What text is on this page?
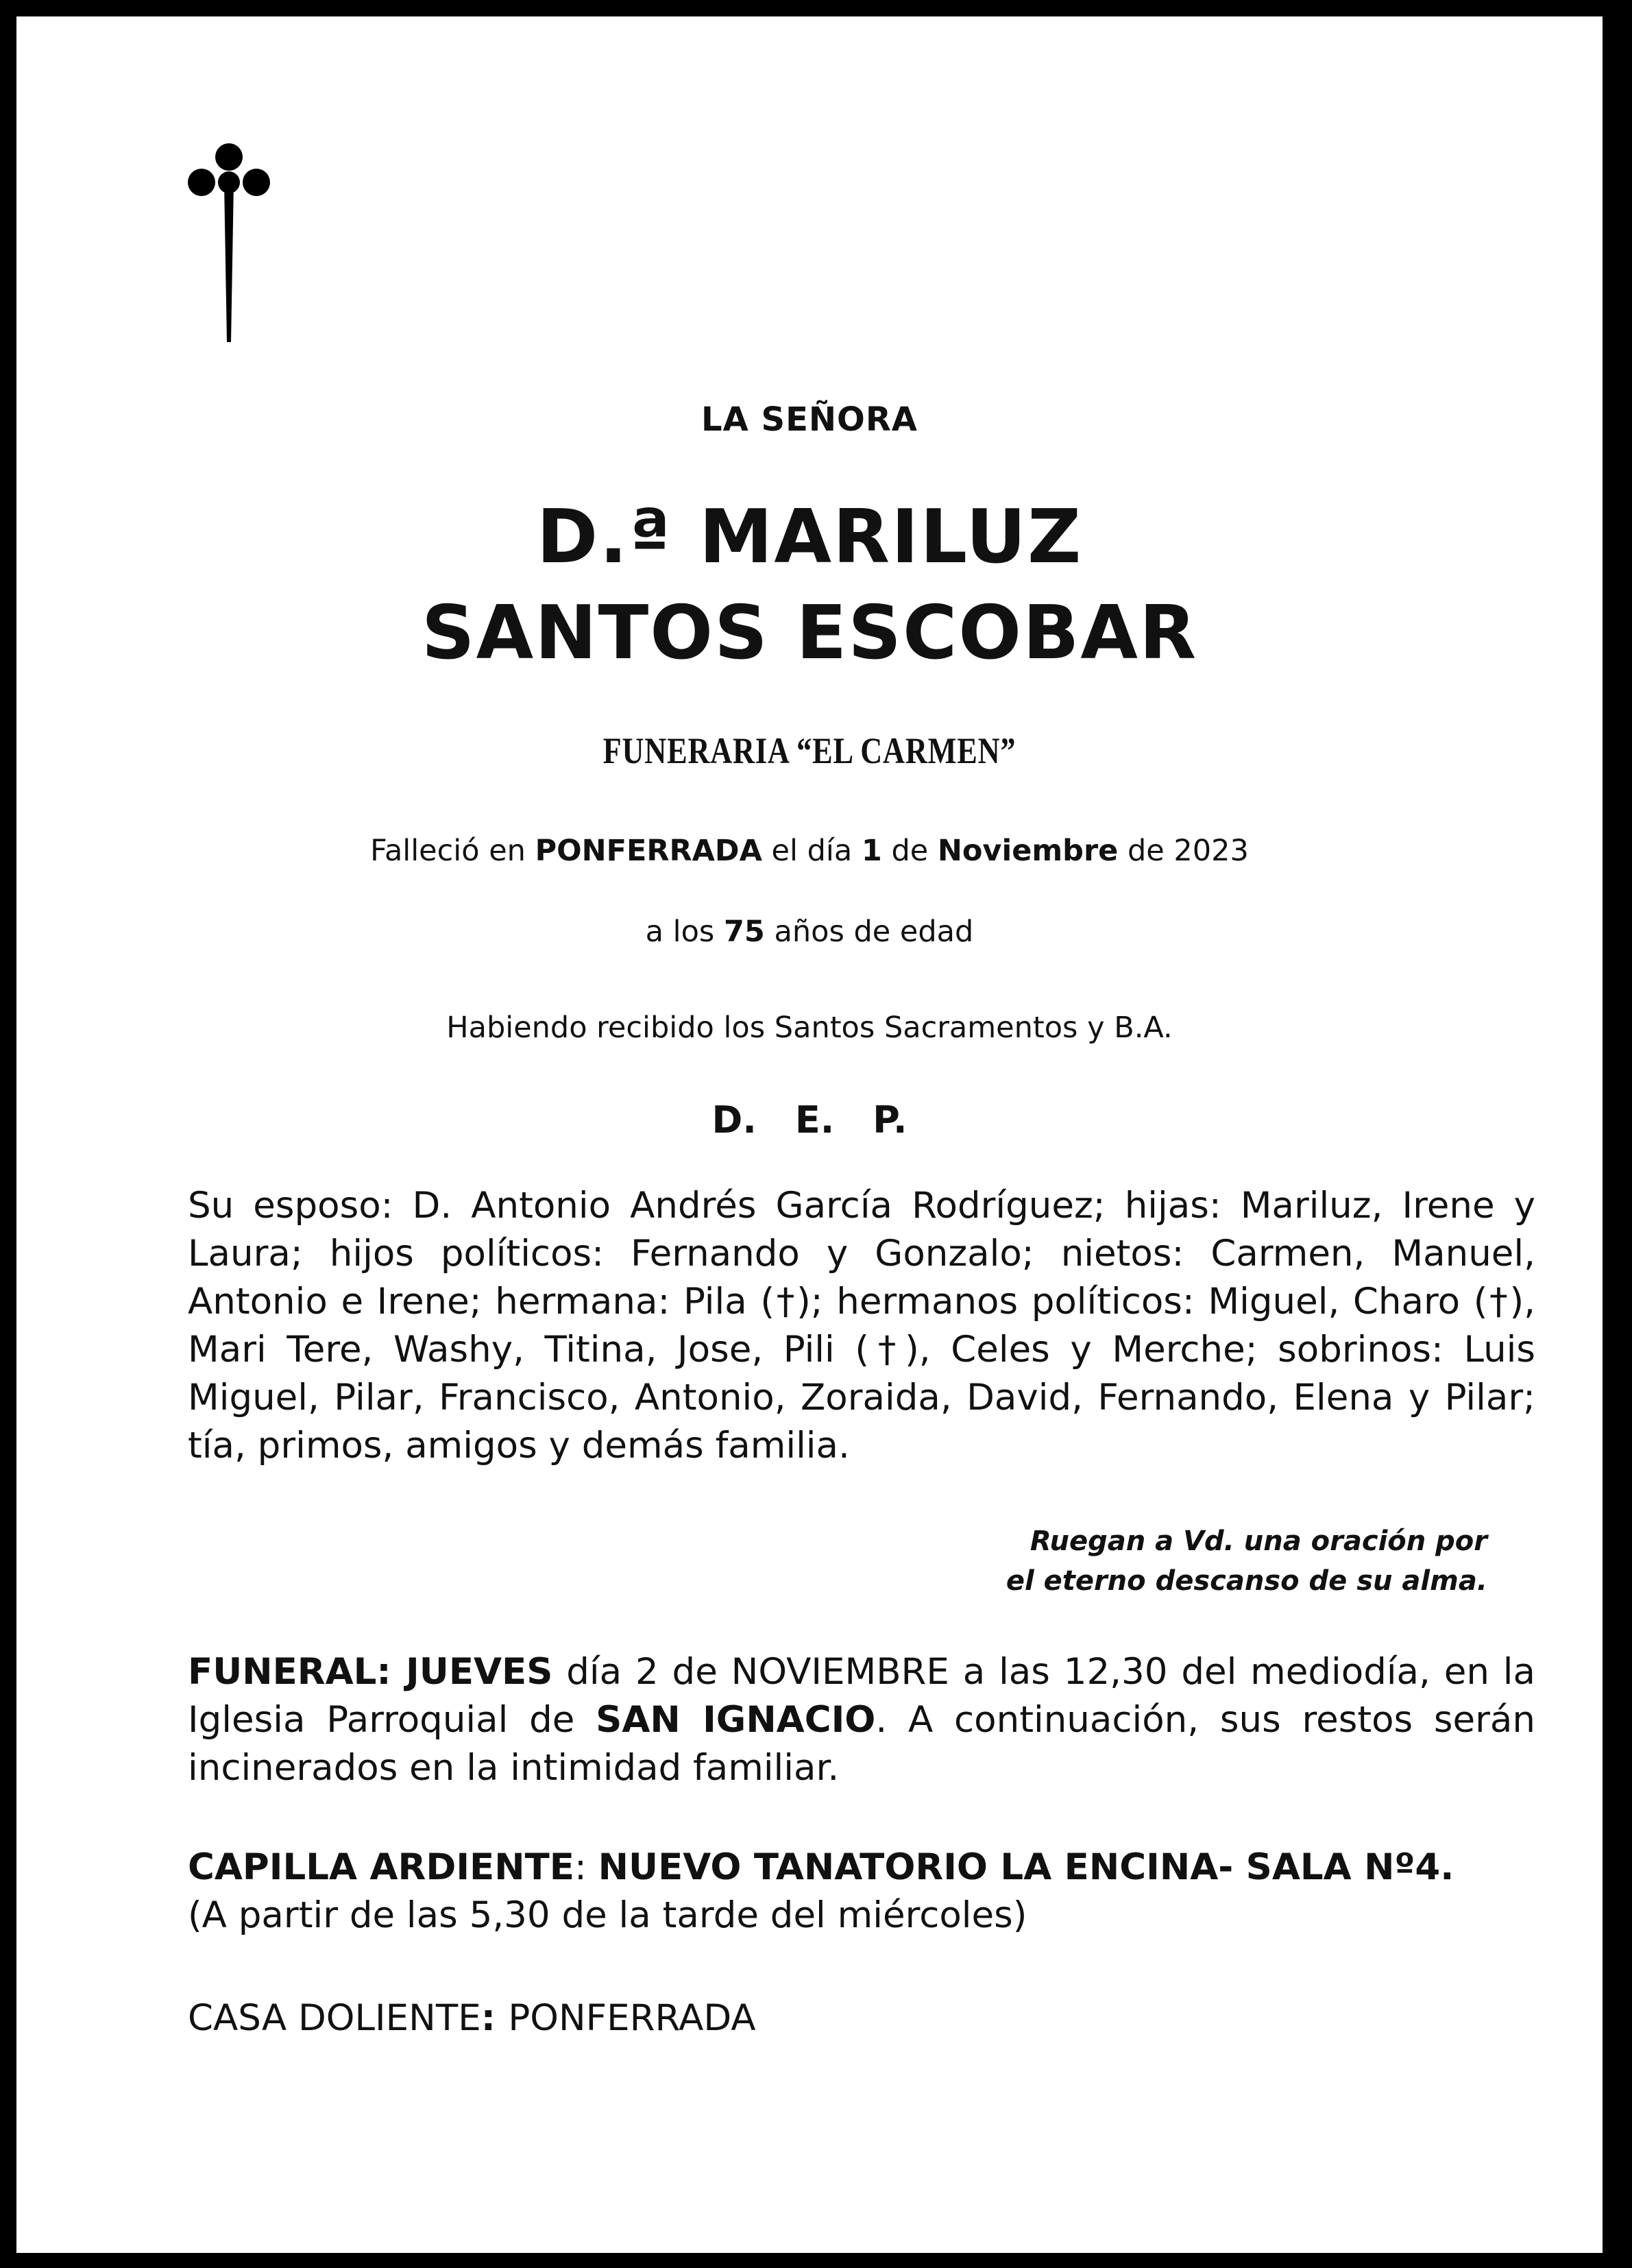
LA SEÑORA
D.ª MARILUZ
SANTOS ESCOBAR
FUNERARIA “EL CARMEN”
Falleció en PONFERRADA el día 1 de Noviembre de 2023
a los 75 años de edad
Habiendo recibido los Santos Sacramentos y B.A.
D. E. P.
Su esposo: D. Antonio Andrés García Rodríguez; hijas: Mariluz, Irene y Laura; hijos políticos: Fernando y Gonzalo; nietos: Carmen, Manuel, Antonio e Irene; hermana: Pila (†); hermanos políticos: Miguel, Charo (†), Mari Tere, Washy, Titina, Jose, Pili (†), Celes y Merche; sobrinos: Luis Miguel, Pilar, Francisco, Antonio, Zoraida, David, Fernando, Elena y Pilar; tía, primos, amigos y demás familia.
Ruegan a Vd. una oración por
el eterno descanso de su alma.
FUNERAL: JUEVES día 2 de NOVIEMBRE a las 12,30 del mediodía, en la Iglesia Parroquial de SAN IGNACIO. A continuación, sus restos serán incinerados en la intimidad familiar.
CAPILLA ARDIENTE: NUEVO TANATORIO LA ENCINA- SALA Nº4.
(A partir de las 5,30 de la tarde del miércoles)
CASA DOLIENTE: PONFERRADA
